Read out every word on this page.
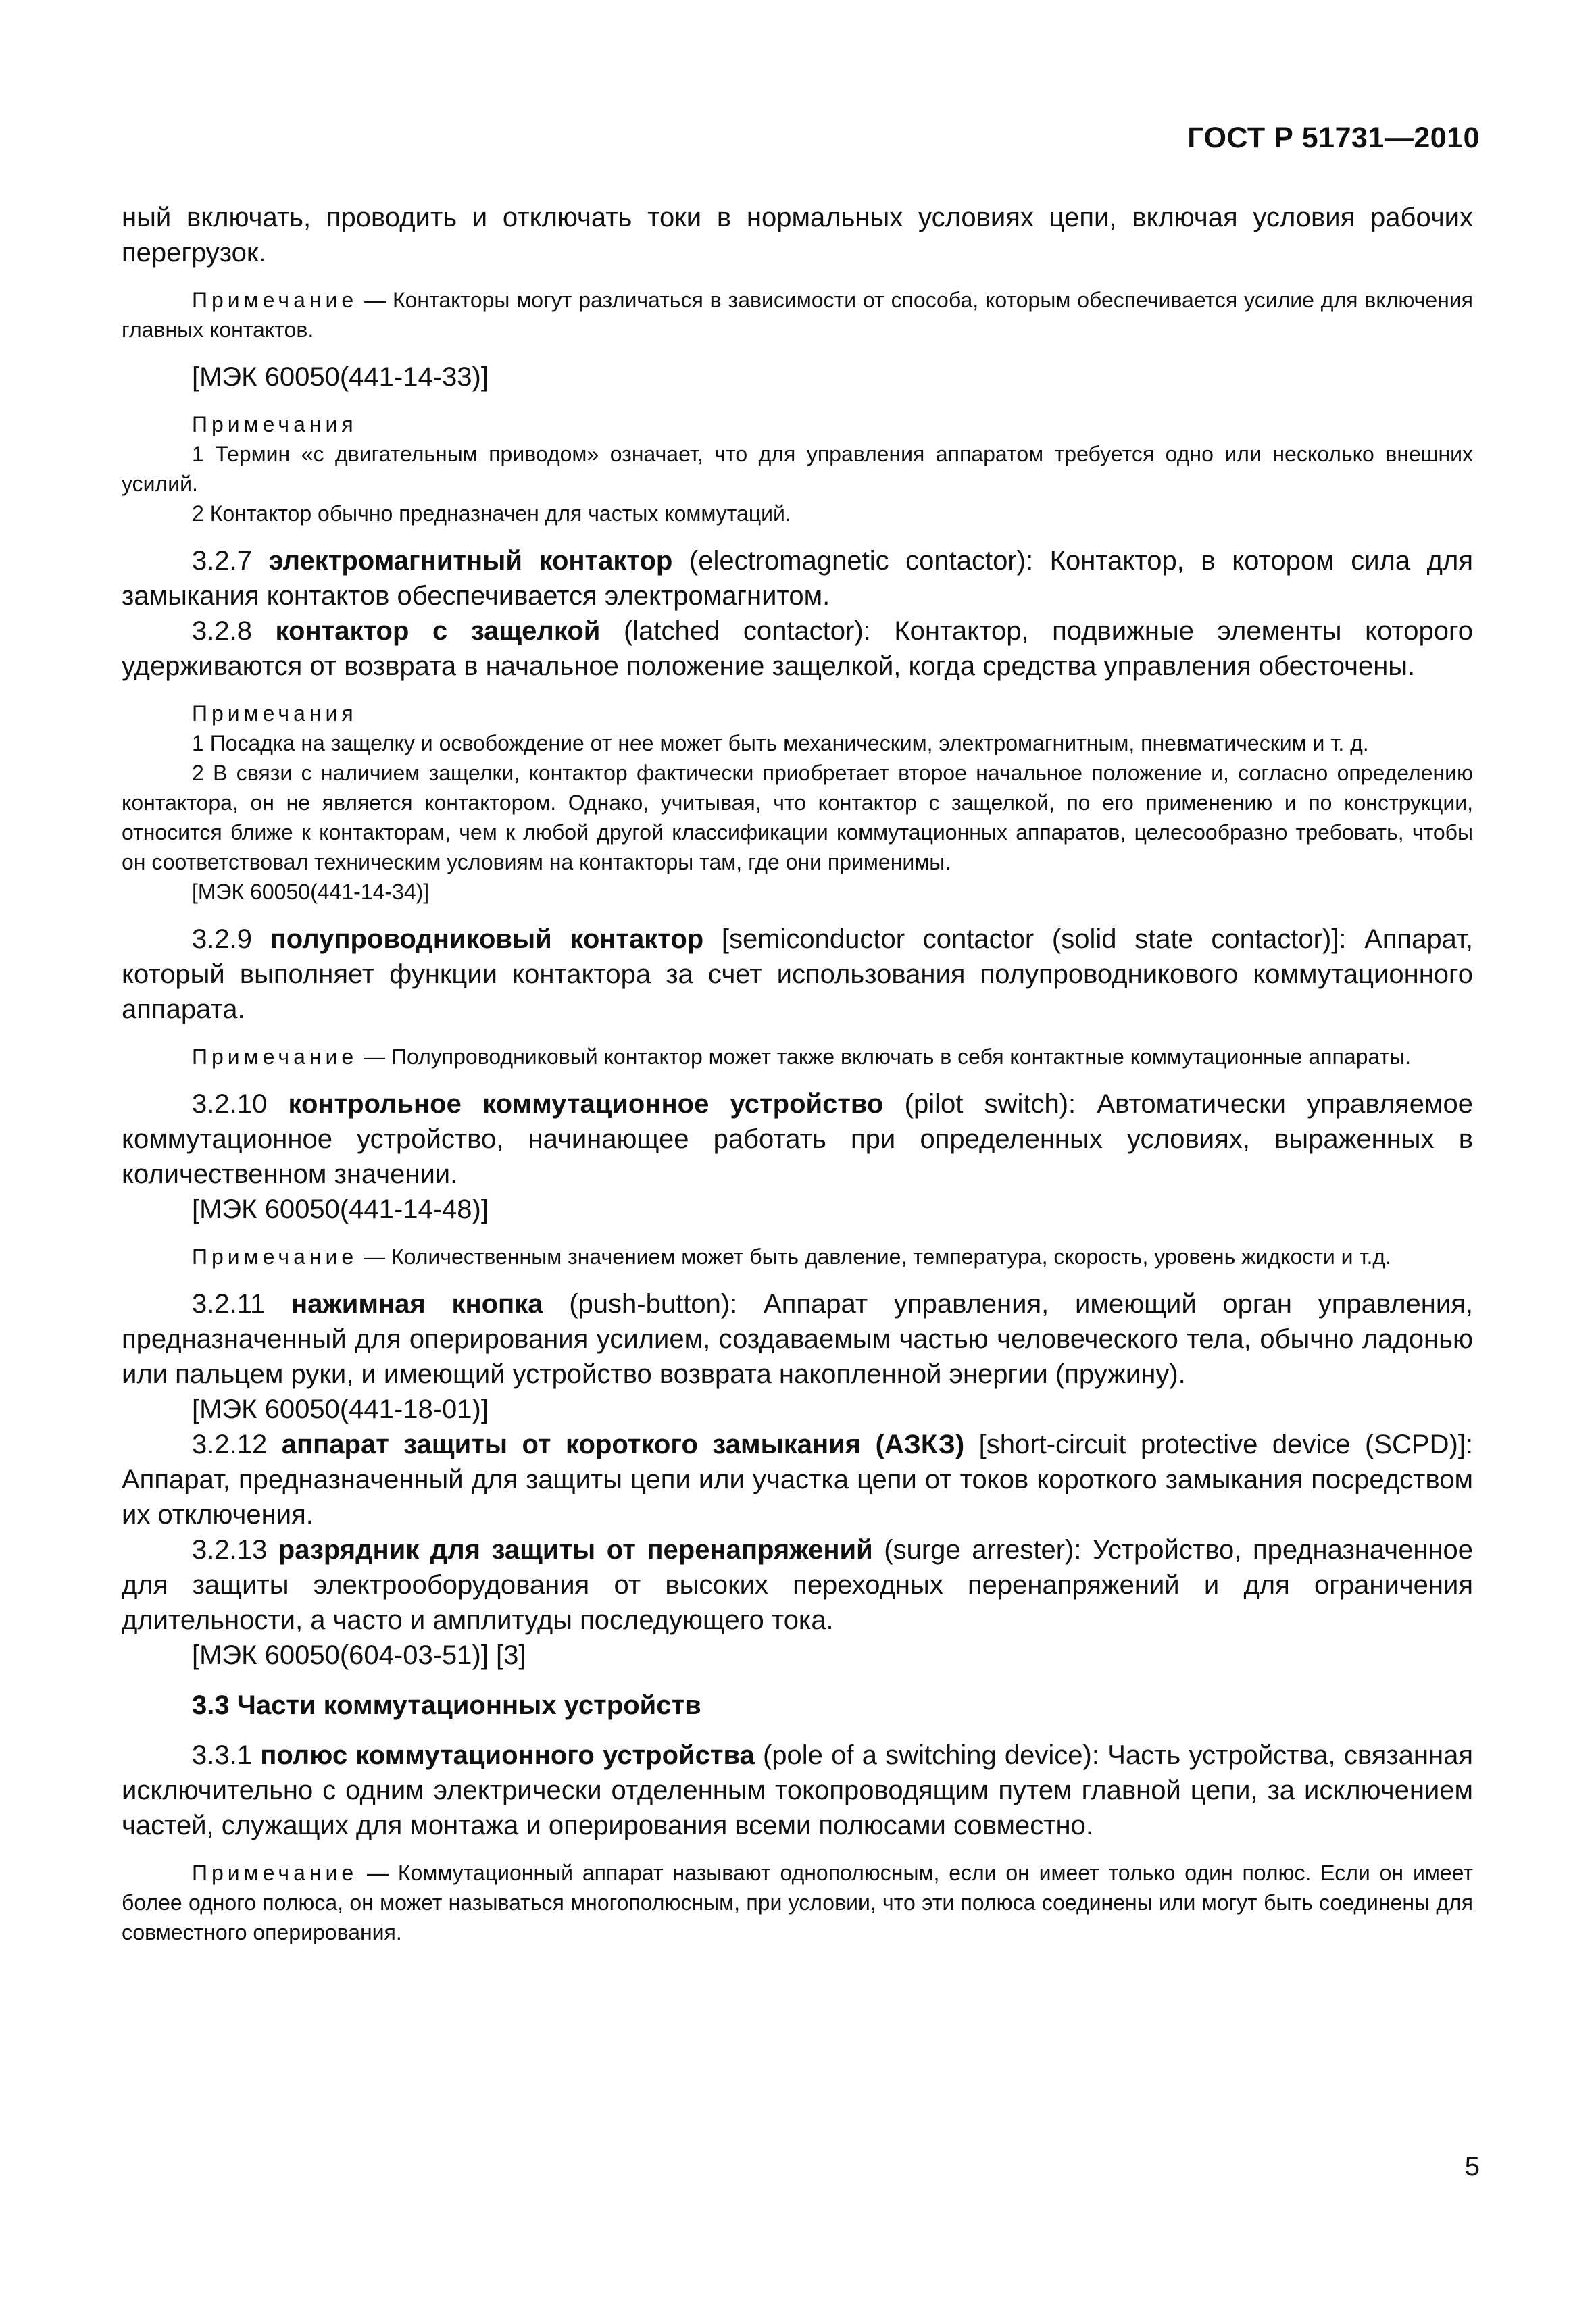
ГОСТ Р 51731—2010

ный включать, проводить и отключать токи в нормальных условиях цепи, включая условия рабочих перегрузок.

Примечание — Контакторы могут различаться в зависимости от способа, которым обеспечивается усилие для включения главных контактов.

[МЭК 60050(441-14-33)]

Примечания

1 Термин «с двигательным приводом» означает, что для управления аппаратом требуется одно или несколько внешних усилий.

2 Контактор обычно предназначен для частых коммутаций.

3.2.7 электромагнитный контактор (electromagnetic contactor): Контактор, в котором сила для замыкания контактов обеспечивается электромагнитом.

3.2.8 контактор с защелкой (latched contactor): Контактор, подвижные элементы которого удерживаются от возврата в начальное положение защелкой, когда средства управления обесточены.

Примечания

1 Посадка на защелку и освобождение от нее может быть механическим, электромагнитным, пневматическим и т. д.

2 В связи с наличием защелки, контактор фактически приобретает второе начальное положение и, согласно определению контактора, он не является контактором. Однако, учитывая, что контактор с защелкой, по его применению и по конструкции, относится ближе к контакторам, чем к любой другой классификации коммутационных аппаратов, целесообразно требовать, чтобы он соответствовал техническим условиям на контакторы там, где они применимы.

[МЭК 60050(441-14-34)]

3.2.9 полупроводниковый контактор [semiconductor contactor (solid state contactor)]: Аппарат, который выполняет функции контактора за счет использования полупроводникового коммутационного аппарата.

Примечание — Полупроводниковый контактор может также включать в себя контактные коммутационные аппараты.

3.2.10 контрольное коммутационное устройство (pilot switch): Автоматически управляемое коммутационное устройство, начинающее работать при определенных условиях, выраженных в количественном значении.

[МЭК 60050(441-14-48)]

Примечание — Количественным значением может быть давление, температура, скорость, уровень жидкости и т.д.

3.2.11 нажимная кнопка (push-button): Аппарат управления, имеющий орган управления, предназначенный для оперирования усилием, создаваемым частью человеческого тела, обычно ладонью или пальцем руки, и имеющий устройство возврата накопленной энергии (пружину).

[МЭК 60050(441-18-01)]

3.2.12 аппарат защиты от короткого замыкания (АЗКЗ) [short-circuit protective device (SCPD)]: Аппарат, предназначенный для защиты цепи или участка цепи от токов короткого замыкания посредством их отключения.

3.2.13 разрядник для защиты от перенапряжений (surge arrester): Устройство, предназначенное для защиты электрооборудования от высоких переходных перенапряжений и для ограничения длительности, а часто и амплитуды последующего тока.

[МЭК 60050(604-03-51)] [3]

3.3 Части коммутационных устройств

3.3.1 полюс коммутационного устройства (pole of a switching device): Часть устройства, связанная исключительно с одним электрически отделенным токопроводящим путем главной цепи, за исключением частей, служащих для монтажа и оперирования всеми полюсами совместно.

Примечание — Коммутационный аппарат называют однополюсным, если он имеет только один полюс. Если он имеет более одного полюса, он может называться многополюсным, при условии, что эти полюса соединены или могут быть соединены для совместного оперирования.

5
